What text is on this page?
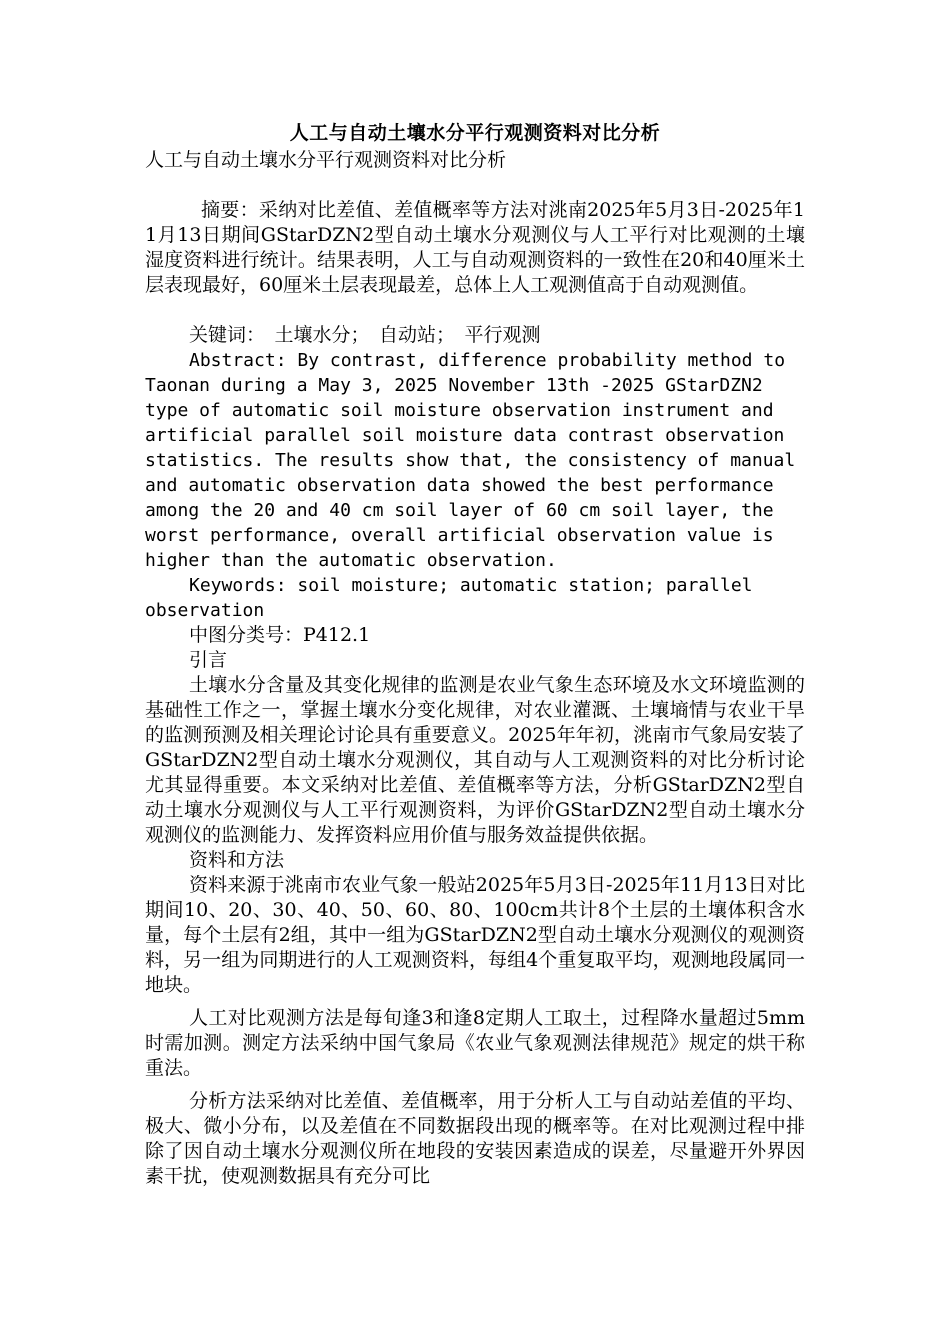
人工与自动土壤水分平行观测资料对比分析

人工与自动土壤水分平行观测资料对比分析

摘要：采纳对比差值、差值概率等方法对洮南2025年5月3日-2025年11月13日期间GStarDZN2型自动土壤水分观测仪与人工平行对比观测的土壤湿度资料进行统计。结果表明，人工与自动观测资料的一致性在20和40厘米土层表现最好，60厘米土层表现最差，总体上人工观测值高于自动观测值。

关键词：　土壤水分；　自动站；　平行观测

Abstract: By contrast, difference probability method to Taonan during a May 3, 2025 November 13th -2025 GStarDZN2 type of automatic soil moisture observation instrument and artificial parallel soil moisture data contrast observation statistics. The results show that, the consistency of manual and automatic observation data showed the best performance among the 20 and 40 cm soil layer of 60 cm soil layer, the worst performance, overall artificial observation value is higher than the automatic observation.

Keywords: soil moisture; automatic station; parallel observation

中图分类号：P412.1

引言

土壤水分含量及其变化规律的监测是农业气象生态环境及水文环境监测的基础性工作之一，掌握土壤水分变化规律，对农业灌溉、土壤墒情与农业干旱的监测预测及相关理论讨论具有重要意义。2025年年初，洮南市气象局安装了GStarDZN2型自动土壤水分观测仪，其自动与人工观测资料的对比分析讨论尤其显得重要。本文采纳对比差值、差值概率等方法，分析GStarDZN2型自动土壤水分观测仪与人工平行观测资料，为评价GStarDZN2型自动土壤水分观测仪的监测能力、发挥资料应用价值与服务效益提供依据。

资料和方法

资料来源于洮南市农业气象一般站2025年5月3日-2025年11月13日对比期间10、20、30、40、50、60、80、100cm共计8个土层的土壤体积含水量，每个土层有2组，其中一组为GStarDZN2型自动土壤水分观测仪的观测资料，另一组为同期进行的人工观测资料，每组4个重复取平均，观测地段属同一地块。

人工对比观测方法是每旬逢3和逢8定期人工取土，过程降水量超过5mm时需加测。测定方法采纳中国气象局《农业气象观测法律规范》规定的烘干称重法。

分析方法采纳对比差值、差值概率，用于分析人工与自动站差值的平均、极大、微小分布，以及差值在不同数据段出现的概率等。在对比观测过程中排除了因自动土壤水分观测仪所在地段的安装因素造成的误差，尽量避开外界因素干扰，使观测数据具有充分可比
